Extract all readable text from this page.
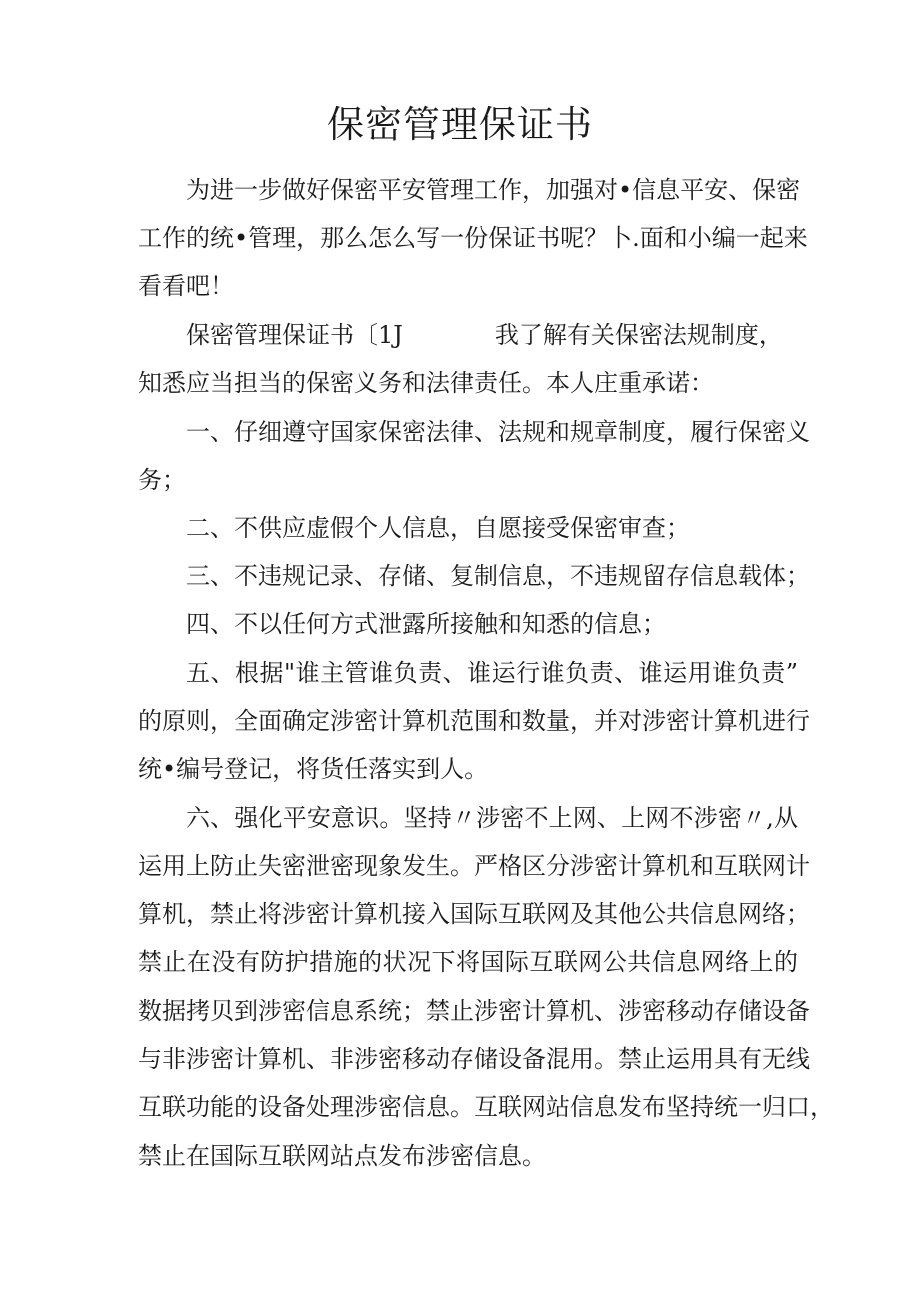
保密管理保证书

为进一步做好保密平安管理工作，加强对•信息平安、保密

工作的统•管理，那么怎么写一份保证书呢？卜.面和小编一起来

看看吧！

保密管理保证书〔1J	我了解有关保密法规制度，

知悉应当担当的保密义务和法律责任。本人庄重承诺：

一、仔细遵守国家保密法律、法规和规章制度，履行保密义

务；

二、不供应虚假个人信息，自愿接受保密审查；

三、不违规记录、存储、复制信息，不违规留存信息载体；

四、不以任何方式泄露所接触和知悉的信息；

五、根据"谁主管谁负责、谁运行谁负责、谁运用谁负责”

的原则，全面确定涉密计算机范围和数量，并对涉密计算机进行

统•编号登记，将货任落实到人。

六、强化平安意识。坚持〃涉密不上网、上网不涉密〃,从

运用上防止失密泄密现象发生。严格区分涉密计算机和互联网计

算机，禁止将涉密计算机接入国际互联网及其他公共信息网络；

禁止在没有防护措施的状况下将国际互联网公共信息网络上的

数据拷贝到涉密信息系统；禁止涉密计算机、涉密移动存储设备

与非涉密计算机、非涉密移动存储设备混用。禁止运用具有无线

互联功能的设备处理涉密信息。互联网站信息发布坚持统一归口，

禁止在国际互联网站点发布涉密信息。
